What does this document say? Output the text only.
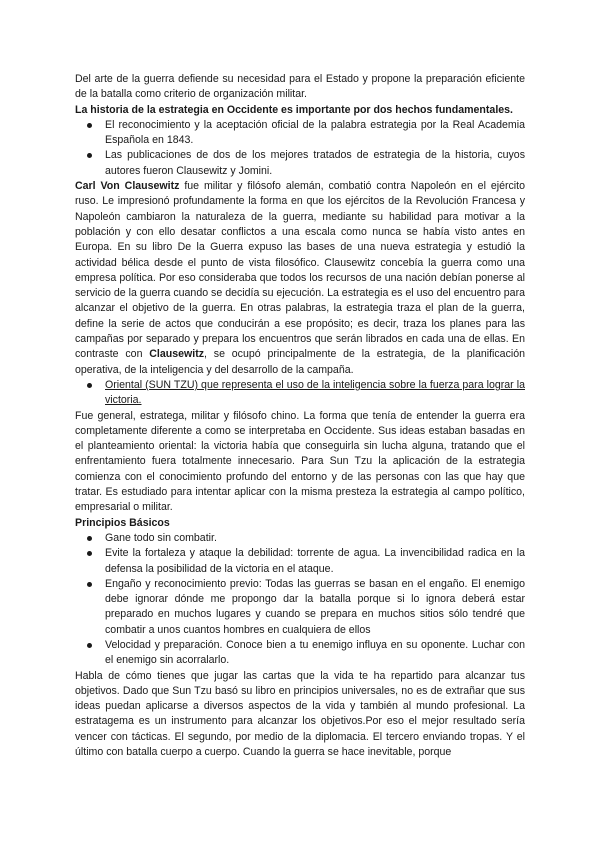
Del arte de la guerra defiende su necesidad para el Estado y propone la preparación eficiente de la batalla como criterio de organización militar.

La historia de la estrategia en Occidente es importante por dos hechos fundamentales.

El reconocimiento y la aceptación oficial de la palabra estrategia por la Real Academia Española en 1843.
Las publicaciones de dos de los mejores tratados de estrategia de la historia, cuyos autores fueron Clausewitz y Jomini.

Carl Von Clausewitz fue militar y filósofo alemán, combatió contra Napoleón en el ejército ruso. Le impresionó profundamente la forma en que los ejércitos de la Revolución Francesa y Napoleón cambiaron la naturaleza de la guerra, mediante su habilidad para motivar a la población y con ello desatar conflictos a una escala como nunca se había visto antes en Europa. En su libro De la Guerra expuso las bases de una nueva estrategia y estudió la actividad bélica desde el punto de vista filosófico. Clausewitz concebía la guerra como una empresa política. Por eso consideraba que todos los recursos de una nación debían ponerse al servicio de la guerra cuando se decidía su ejecución. La estrategia es el uso del encuentro para alcanzar el objetivo de la guerra. En otras palabras, la estrategia traza el plan de la guerra, define la serie de actos que conducirán a ese propósito; es decir, traza los planes para las campañas por separado y prepara los encuentros que serán librados en cada una de ellas. En contraste con Clausewitz, se ocupó principalmente de la estrategia, de la planificación operativa, de la inteligencia y del desarrollo de la campaña.

Oriental (SUN TZU) que representa el uso de la inteligencia sobre la fuerza para lograr la victoria.

Fue general, estratega, militar y filósofo chino. La forma que tenía de entender la guerra era completamente diferente a como se interpretaba en Occidente. Sus ideas estaban basadas en el planteamiento oriental: la victoria había que conseguirla sin lucha alguna, tratando que el enfrentamiento fuera totalmente innecesario. Para Sun Tzu la aplicación de la estrategia comienza con el conocimiento profundo del entorno y de las personas con las que hay que tratar. Es estudiado para intentar aplicar con la misma presteza la estrategia al campo político, empresarial o militar.

Principios Básicos

Gane todo sin combatir.
Evite la fortaleza y ataque la debilidad: torrente de agua. La invencibilidad radica en la defensa la posibilidad de la victoria en el ataque.
Engaño y reconocimiento previo: Todas las guerras se basan en el engaño. El enemigo debe ignorar dónde me propongo dar la batalla porque si lo ignora deberá estar preparado en muchos lugares y cuando se prepara en muchos sitios sólo tendré que combatir a unos cuantos hombres en cualquiera de ellos
Velocidad y preparación. Conoce bien a tu enemigo influya en su oponente. Luchar con el enemigo sin acorralarlo.

Habla de cómo tienes que jugar las cartas que la vida te ha repartido para alcanzar tus objetivos. Dado que Sun Tzu basó su libro en principios universales, no es de extrañar que sus ideas puedan aplicarse a diversos aspectos de la vida y también al mundo profesional. La estratagema es un instrumento para alcanzar los objetivos.Por eso el mejor resultado sería vencer con tácticas. El segundo, por medio de la diplomacia. El tercero enviando tropas. Y el último con batalla cuerpo a cuerpo. Cuando la guerra se hace inevitable, porque
